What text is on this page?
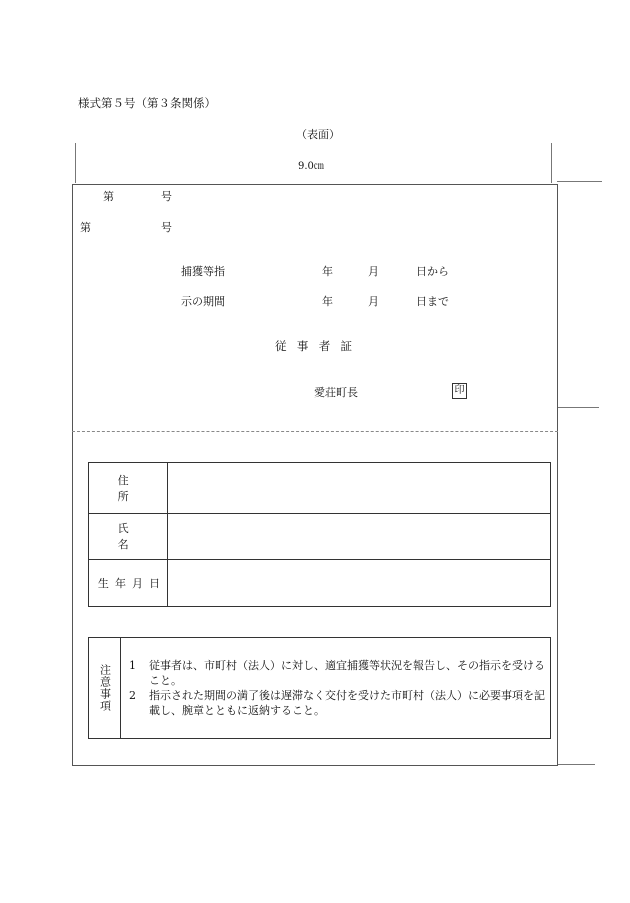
様式第５号（第３条関係）
（表面）
9.0㎝
第	号
第	号
捕獲等指	年	月	日から
示の期間	年	月	日まで
従事者証
愛荘町長	印
住所
氏名
生年月日
注意事項 1	従事者は、市町村（法人）に対し、適宜捕獲等状況を報告し、その指示を受けること。
2	指示された期間の満了後は遅滞なく交付を受けた市町村（法人）に必要事項を記載し、腕章とともに返納すること。
